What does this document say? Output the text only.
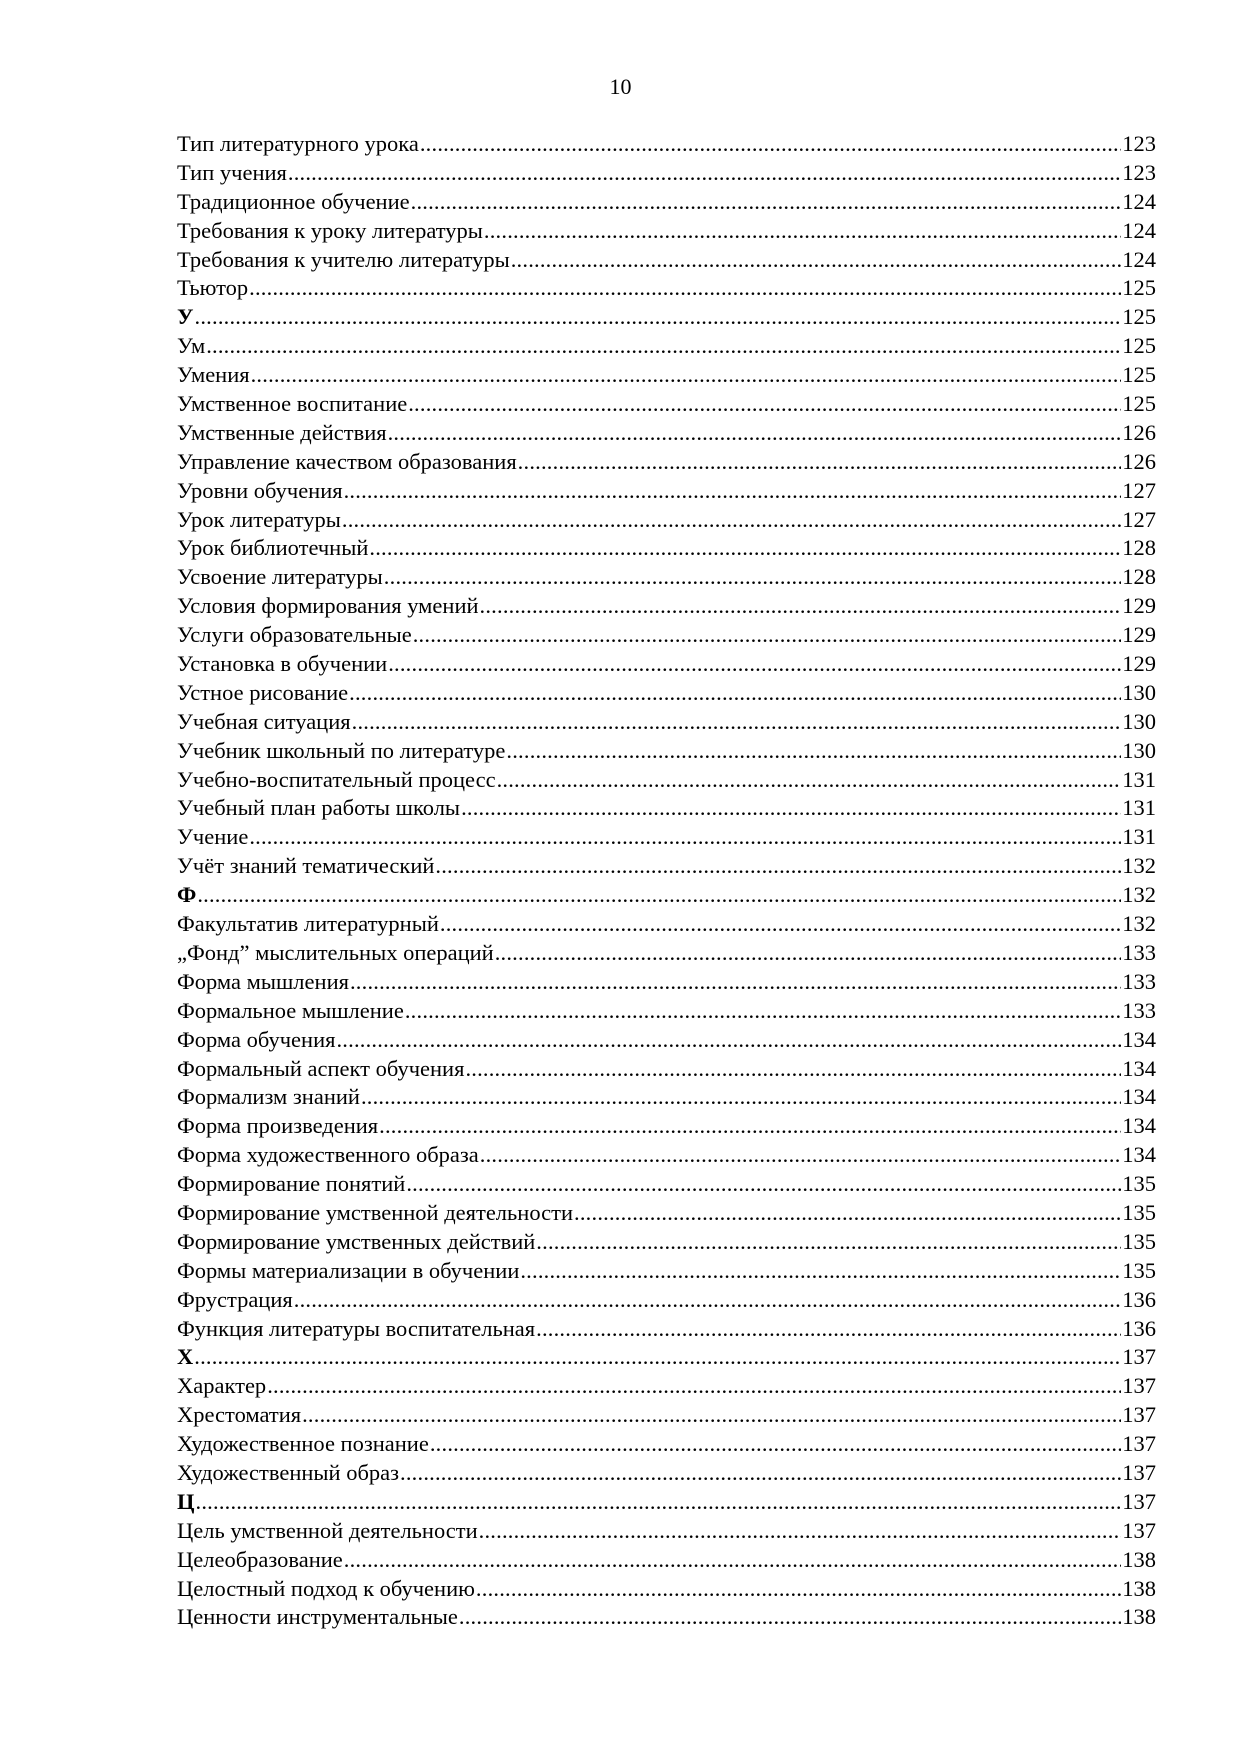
10
Тип литературного урока .....	123
Тип учения .....	123
Традиционное обучение .....	124
Требования к уроку литературы .....	124
Требования к учителю литературы .....	124
Тьютор .....	125
У .....	125
Ум .....	125
Умения .....	125
Умственное воспитание .....	125
Умственные действия .....	126
Управление качеством образования .....	126
Уровни обучения .....	127
Урок литературы .....	127
Урок библиотечный .....	128
Усвоение литературы .....	128
Условия формирования умений .....	129
Услуги образовательные .....	129
Установка в обучении .....	129
Устное рисование .....	130
Учебная ситуация .....	130
Учебник школьный по литературе .....	130
Учебно-воспитательный процесс .....	131
Учебный план работы школы .....	131
Учение .....	131
Учёт знаний тематический .....	132
Ф .....	132
Факультатив литературный .....	132
„Фонд” мыслительных операций .....	133
Форма мышления .....	133
Формальное мышление .....	133
Форма обучения .....	134
Формальный аспект обучения .....	134
Формализм знаний .....	134
Форма произведения .....	134
Форма художественного образа .....	134
Формирование понятий .....	135
Формирование умственной деятельности .....	135
Формирование умственных действий .....	135
Формы материализации в обучении .....	135
Фрустрация .....	136
Функция литературы воспитательная .....	136
Х .....	137
Характер .....	137
Хрестоматия .....	137
Художественное познание .....	137
Художественный образ .....	137
Ц .....	137
Цель умственной деятельности .....	137
Целеобразование .....	138
Целостный подход к обучению .....	138
Ценности инструментальные .....	138
